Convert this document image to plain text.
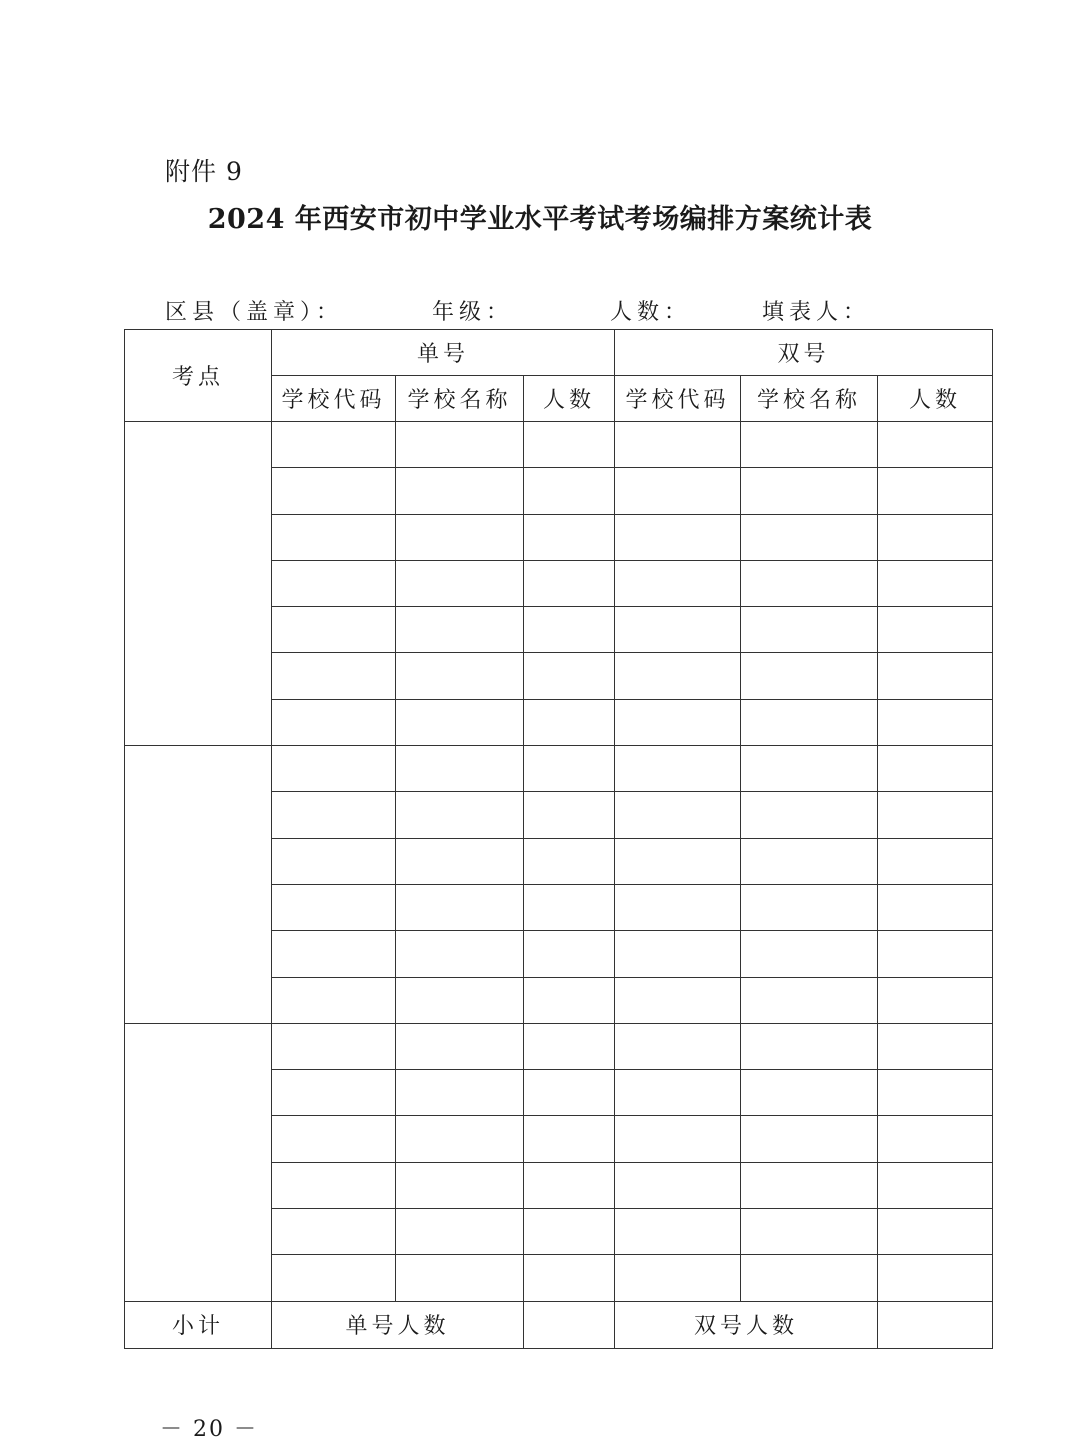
附件 9
2024 年西安市初中学业水平考试考场编排方案统计表
区县（盖章）：	年级：	人数：	填表人：
考点	单号			双号		
	学校代码	学校名称	人数	学校代码	学校名称	人数

小计	单号人数			双号人数		
－ 20 －
